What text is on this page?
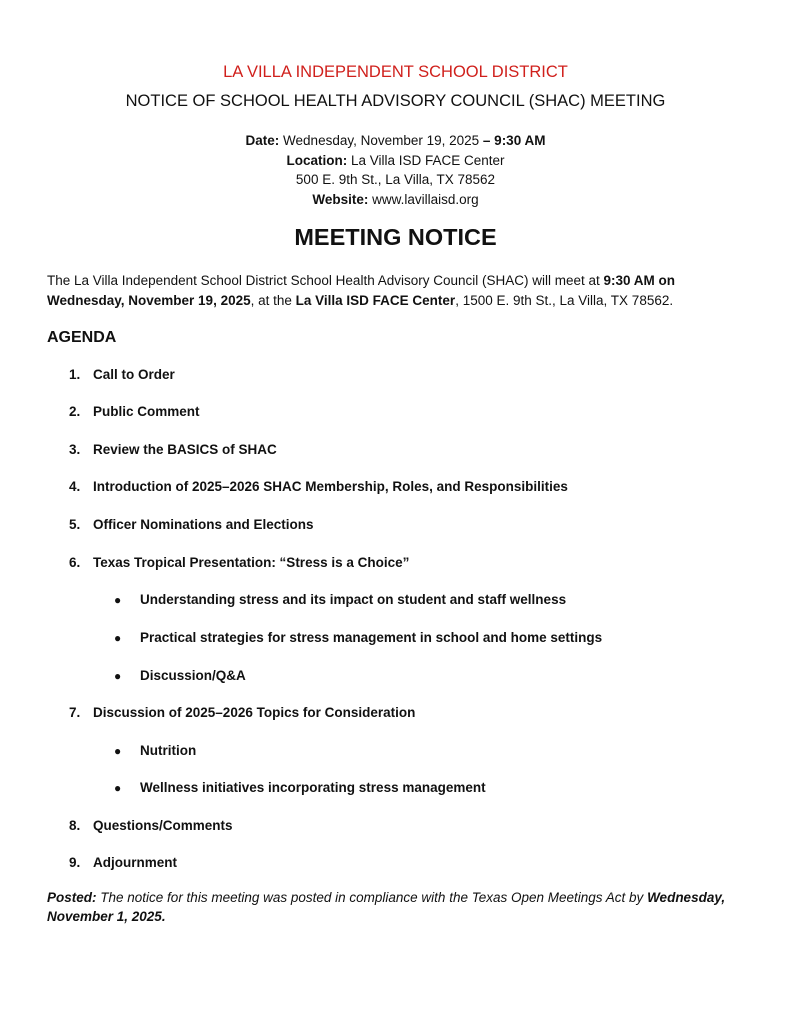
LA VILLA INDEPENDENT SCHOOL DISTRICT
NOTICE OF SCHOOL HEALTH ADVISORY COUNCIL (SHAC) MEETING
Date: Wednesday, November 19, 2025 – 9:30 AM
Location: La Villa ISD FACE Center
500 E. 9th St., La Villa, TX 78562
Website: www.lavillaisd.org
MEETING NOTICE
The La Villa Independent School District School Health Advisory Council (SHAC) will meet at 9:30 AM on Wednesday, November 19, 2025, at the La Villa ISD FACE Center, 1500 E. 9th St., La Villa, TX 78562.
AGENDA
1. Call to Order
2. Public Comment
3. Review the BASICS of SHAC
4. Introduction of 2025–2026 SHAC Membership, Roles, and Responsibilities
5. Officer Nominations and Elections
6. Texas Tropical Presentation: “Stress is a Choice”
● Understanding stress and its impact on student and staff wellness
● Practical strategies for stress management in school and home settings
● Discussion/Q&A
7. Discussion of 2025–2026 Topics for Consideration
● Nutrition
● Wellness initiatives incorporating stress management
8. Questions/Comments
9. Adjournment
Posted: The notice for this meeting was posted in compliance with the Texas Open Meetings Act by Wednesday, November 1, 2025.
